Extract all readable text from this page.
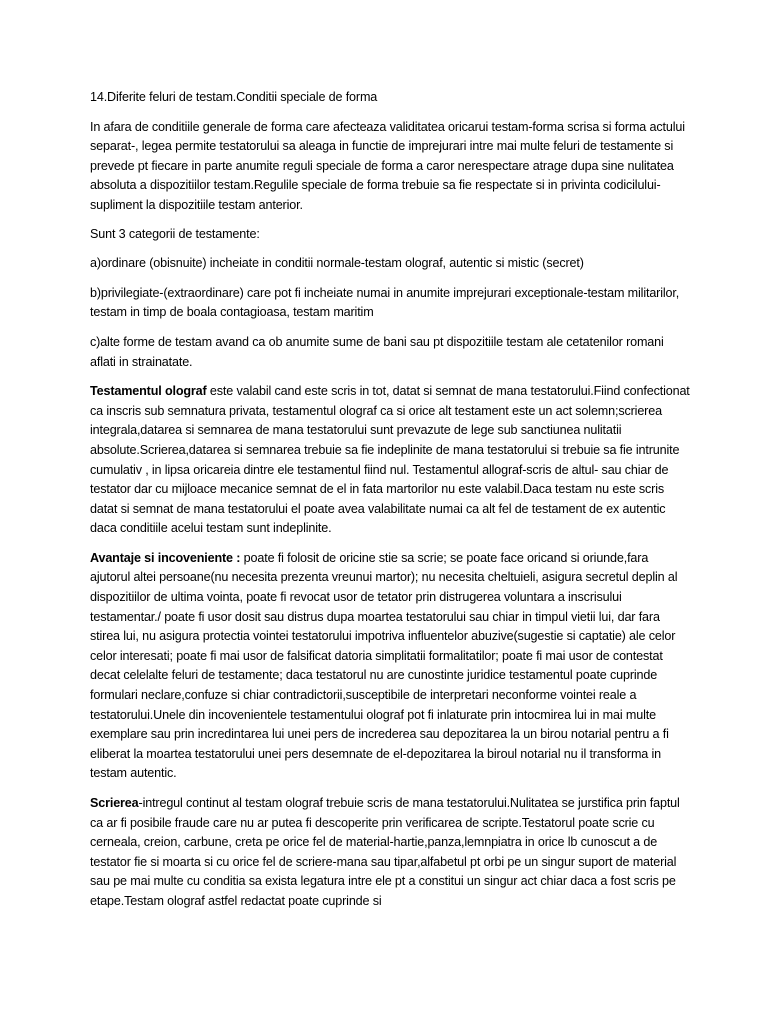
14.Diferite feluri de testam.Conditii speciale de forma

In afara de conditiile generale de forma care afecteaza validitatea oricarui testam-forma scrisa si forma actului separat-, legea permite testatorului sa aleaga in functie de imprejurari intre mai multe feluri de testamente si prevede pt fiecare in parte anumite reguli speciale de forma a caror nerespectare atrage dupa sine nulitatea absoluta a dispozitiilor testam.Regulile speciale de forma trebuie sa fie respectate si in privinta codicilului-supliment la dispozitiile testam anterior.

Sunt 3 categorii de testamente:

a)ordinare (obisnuite) incheiate in conditii normale-testam olograf, autentic si mistic (secret)

b)privilegiate-(extraordinare) care pot fi incheiate numai in anumite imprejurari exceptionale-testam militarilor, testam in timp de boala contagioasa, testam maritim

c)alte forme de testam avand ca ob anumite sume de bani sau pt dispozitiile testam ale cetatenilor romani aflati in strainatate.

Testamentul olograf este valabil cand este scris in tot, datat si semnat de mana testatorului.Fiind confectionat ca inscris sub semnatura privata, testamentul olograf ca si orice alt testament este un act solemn;scrierea integrala,datarea si semnarea de mana testatorului sunt prevazute de lege sub sanctiunea nulitatii absolute.Scrierea,datarea si semnarea trebuie sa fie indeplinite de mana testatorului si trebuie sa fie intrunite cumulativ , in lipsa oricareia dintre ele testamentul fiind nul. Testamentul allograf-scris de altul- sau chiar de testator dar cu mijloace mecanice semnat de el in fata martorilor nu este valabil.Daca testam nu este scris datat si semnat de mana testatorului el poate avea valabilitate numai ca alt fel de testament de ex autentic daca conditiile acelui testam sunt indeplinite.

Avantaje si incoveniente : poate fi folosit de oricine stie sa scrie; se poate face oricand si oriunde,fara ajutorul altei persoane(nu necesita prezenta vreunui martor); nu necesita cheltuieli, asigura secretul deplin al dispozitiilor de ultima vointa, poate fi revocat usor de tetator prin distrugerea voluntara a inscrisului testamentar./ poate fi usor dosit sau distrus dupa moartea testatorului sau chiar in timpul vietii lui, dar fara stirea lui, nu asigura protectia vointei testatorului impotriva influentelor abuzive(sugestie si captatie) ale celor celor interesati; poate fi mai usor de falsificat datoria simplitatii formalitatilor; poate fi mai usor de contestat decat celelalte feluri de testamente; daca testatorul nu are cunostinte juridice testamentul poate cuprinde formulari neclare,confuze si chiar contradictorii,susceptibile de interpretari neconforme vointei reale a testatorului.Unele din incovenientele testamentului olograf pot fi inlaturate prin intocmirea lui in mai multe exemplare sau prin incredintarea lui unei pers de increderea sau depozitarea la un birou notarial pentru a fi eliberat la moartea testatorului unei pers desemnate de el-depozitarea la biroul notarial nu il transforma in testam autentic.

Scrierea-intregul continut al testam olograf trebuie scris de mana testatorului.Nulitatea se jurstifica prin faptul ca ar fi posibile fraude care nu ar putea fi descoperite prin verificarea de scripte.Testatorul poate scrie cu cerneala, creion, carbune, creta pe orice fel de material-hartie,panza,lemnpiatra in orice lb cunoscut a de testator fie si moarta si cu orice fel de scriere-mana sau tipar,alfabetul pt orbi pe un singur suport de material sau pe mai multe cu conditia sa exista legatura intre ele pt a constitui un singur act chiar daca a fost scris pe etape.Testam olograf astfel redactat poate cuprinde si
